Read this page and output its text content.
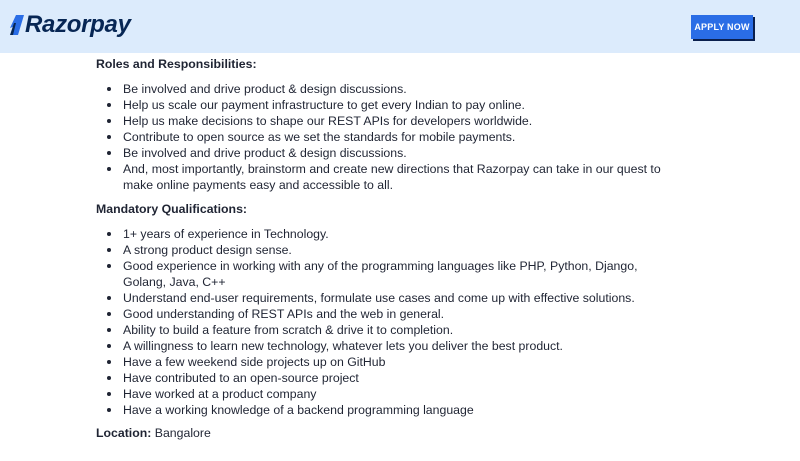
Razorpay	APPLY NOW
Roles and Responsibilities:
Be involved and drive product & design discussions.
Help us scale our payment infrastructure to get every Indian to pay online.
Help us make decisions to shape our REST APIs for developers worldwide.
Contribute to open source as we set the standards for mobile payments.
Be involved and drive product & design discussions.
And, most importantly, brainstorm and create new directions that Razorpay can take in our quest to make online payments easy and accessible to all.
Mandatory Qualifications:
1+ years of experience in Technology.
A strong product design sense.
Good experience in working with any of the programming languages like PHP, Python, Django, Golang, Java, C++
Understand end-user requirements, formulate use cases and come up with effective solutions.
Good understanding of REST APIs and the web in general.
Ability to build a feature from scratch & drive it to completion.
A willingness to learn new technology, whatever lets you deliver the best product.
Have a few weekend side projects up on GitHub
Have contributed to an open-source project
Have worked at a product company
Have a working knowledge of a backend programming language
Location: Bangalore
